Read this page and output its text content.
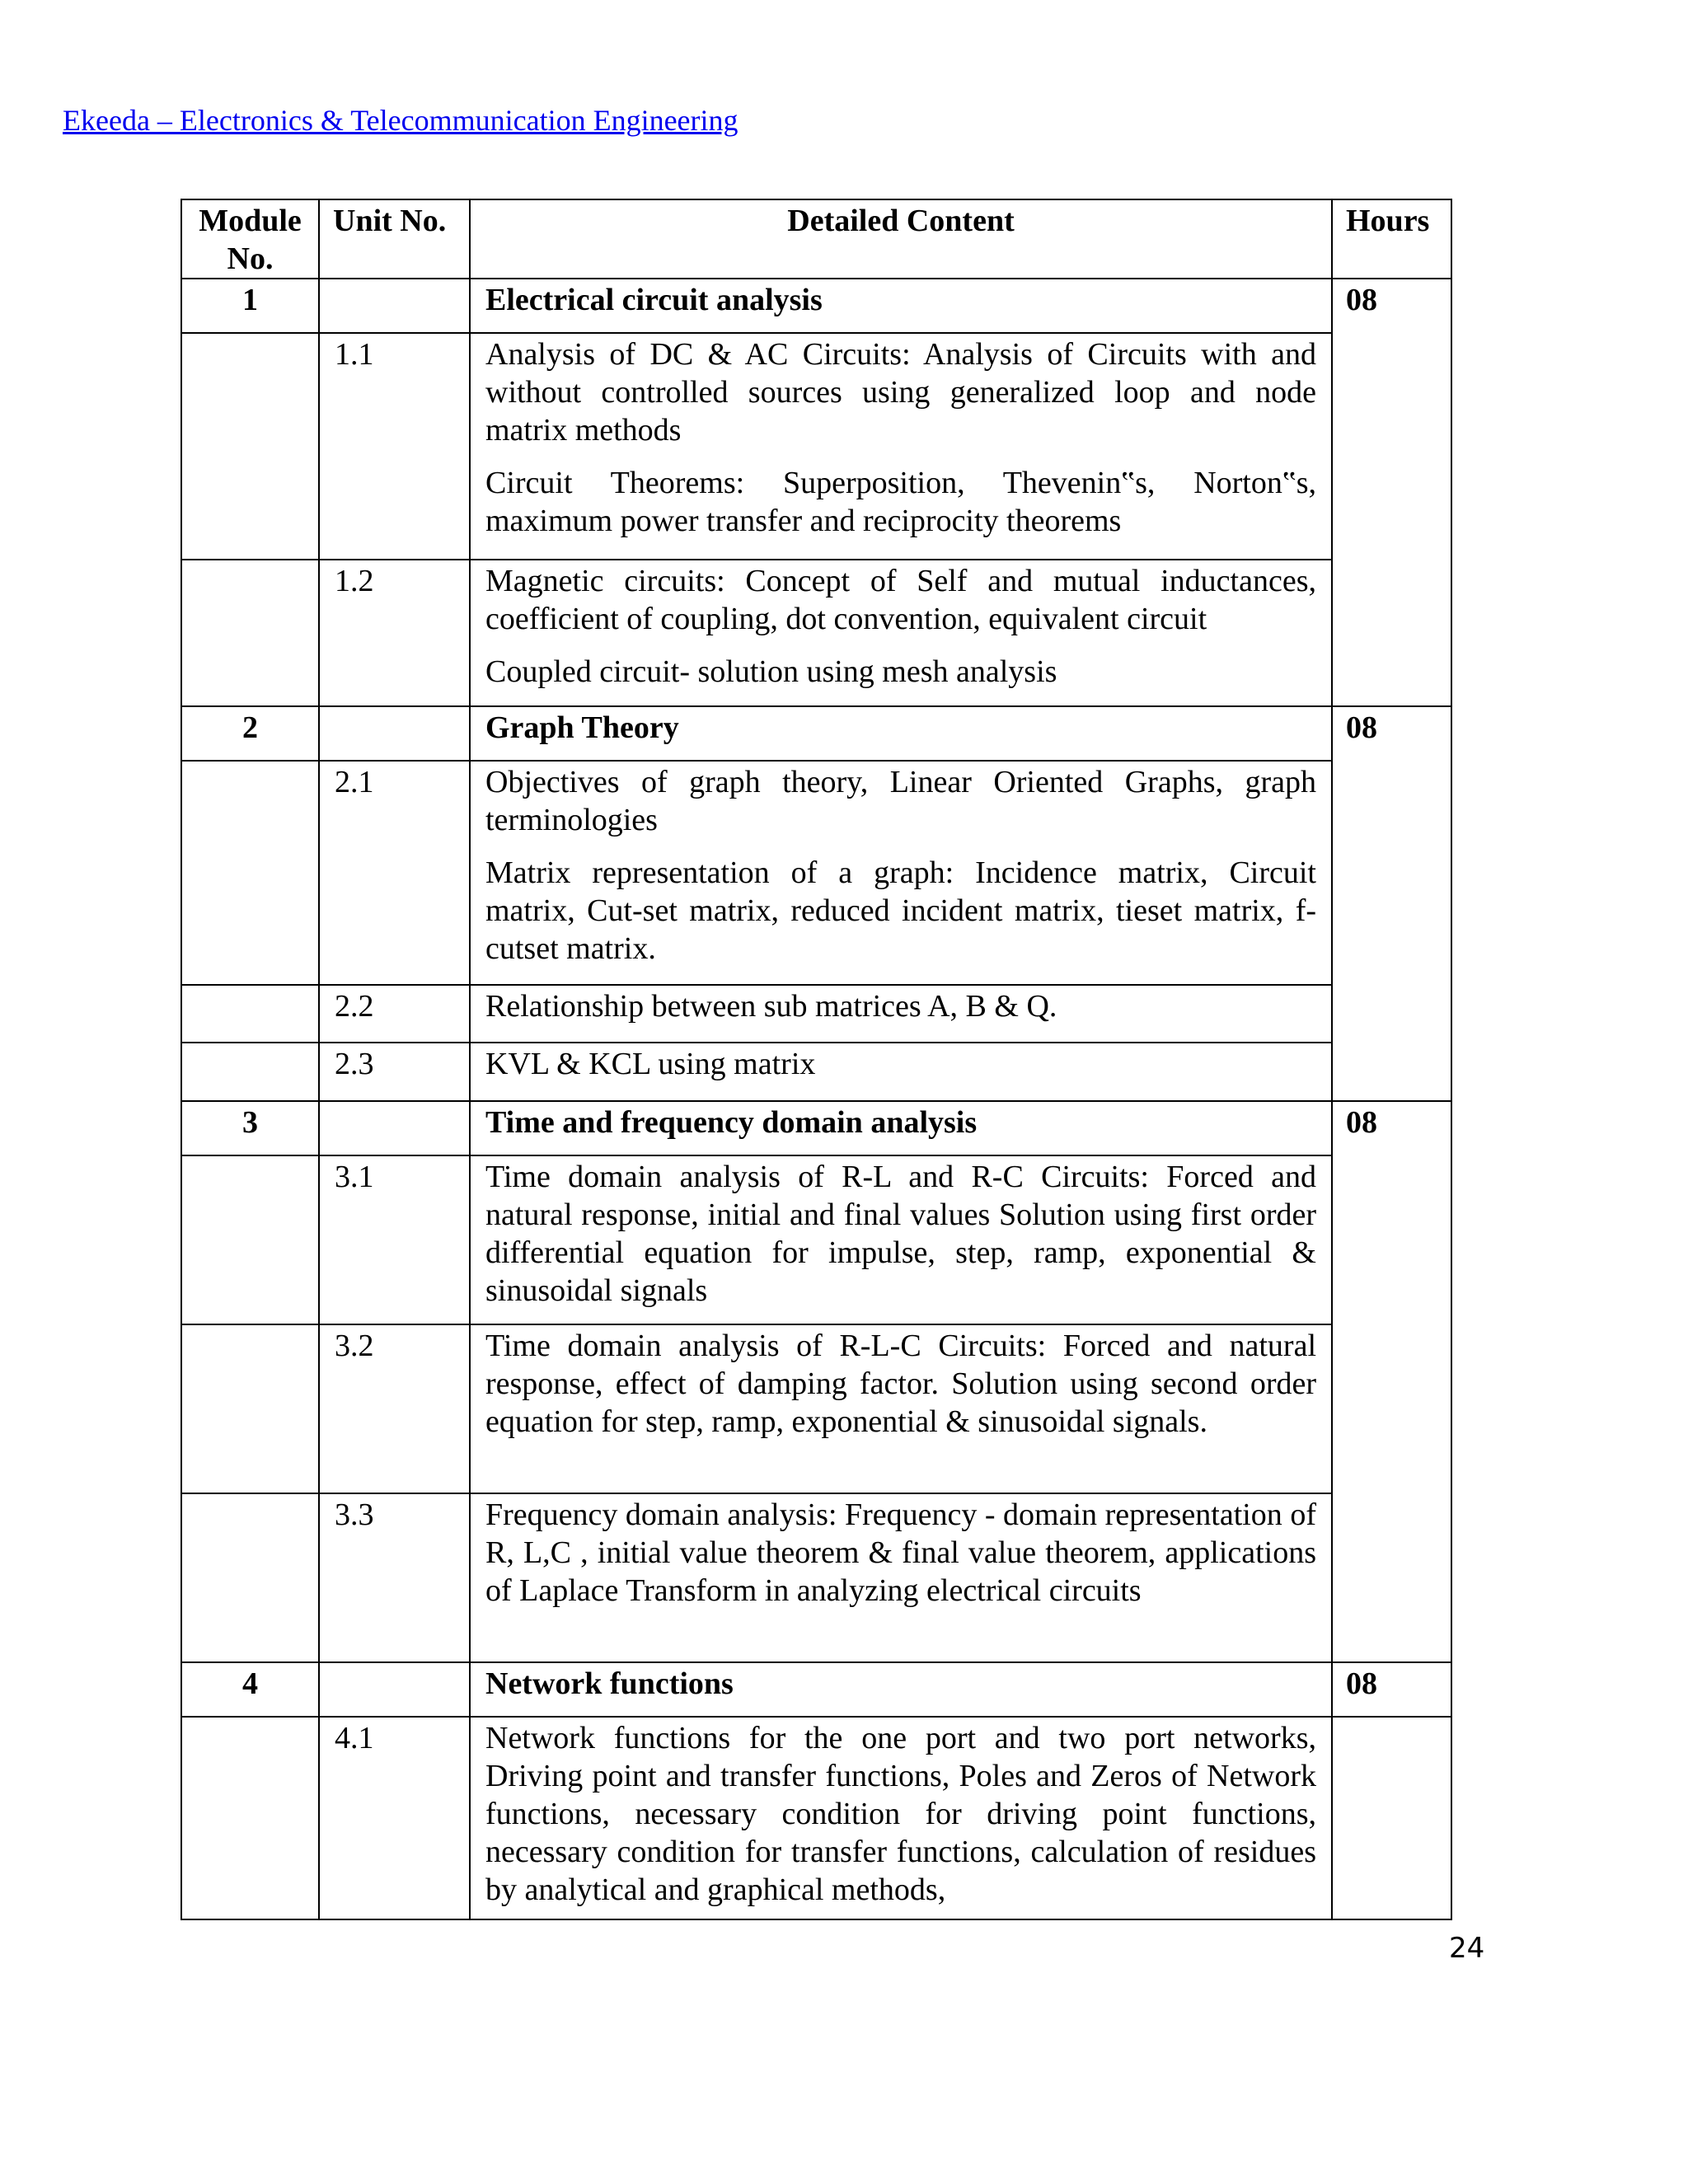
Ekeeda – Electronics & Telecommunication Engineering
Module No.	Unit No.	Detailed Content	Hours
1		Electrical circuit analysis	08
	1.1	Analysis of DC & AC Circuits: Analysis of Circuits with and without controlled sources using generalized loop and node matrix methods

Circuit Theorems: Superposition, Thevenin‟s, Norton‟s, maximum power transfer and reciprocity theorems	

	1.2	Magnetic circuits: Concept of Self and mutual inductances, coefficient of coupling, dot convention, equivalent circuit

Coupled circuit- solution using mesh analysis	

2		Graph Theory	08
	2.1	Objectives of graph theory, Linear Oriented Graphs, graph terminologies

Matrix representation of a graph: Incidence matrix, Circuit matrix, Cut-set matrix, reduced incident matrix, tieset matrix, f-cutset matrix.	

	2.2	Relationship between sub matrices A, B & Q.	

	2.3	KVL & KCL using matrix	

3		Time and frequency domain analysis	08
	3.1	Time domain analysis of R-L and R-C Circuits: Forced and natural response, initial and final values Solution using first order differential equation for impulse, step, ramp, exponential & sinusoidal signals	

	3.2	Time domain analysis of R-L-C Circuits: Forced and natural response, effect of damping factor. Solution using second order equation for step, ramp, exponential & sinusoidal signals.	

	3.3	Frequency domain analysis: Frequency - domain representation of R, L,C , initial value theorem & final value theorem, applications of Laplace Transform in analyzing electrical circuits	

4		Network functions	08
	4.1	Network functions for the one port and two port networks, Driving point and transfer functions, Poles and Zeros of Network functions, necessary condition for driving point functions, necessary condition for transfer functions, calculation of residues by analytical and graphical methods,	

24
